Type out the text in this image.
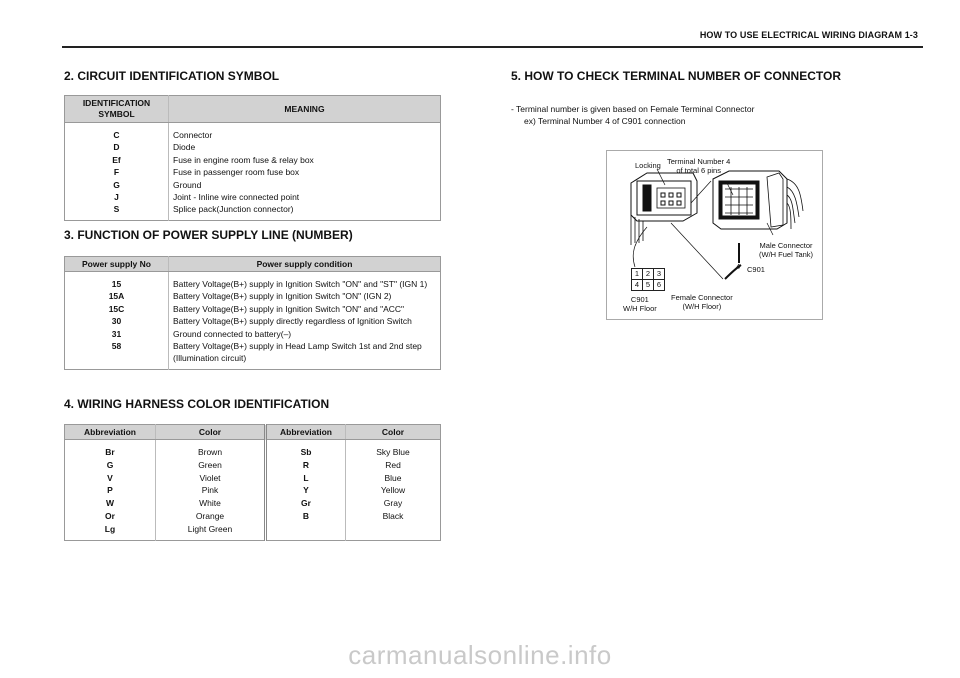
HOW TO USE ELECTRICAL WIRING DIAGRAM 1-3
2. CIRCUIT IDENTIFICATION SYMBOL
IDENTIFICATION SYMBOL	MEANING
C	Connector
D	Diode
Ef	Fuse in engine room fuse & relay box
F	Fuse in passenger room fuse box
G	Ground
J	Joint - Inline wire connected point
S	Splice pack(Junction connector)
3. FUNCTION OF POWER SUPPLY LINE (NUMBER)
Power supply No	Power supply condition
15	Battery Voltage(B+) supply in Ignition Switch "ON" and "ST" (IGN 1)
15A	Battery Voltage(B+) supply in Ignition Switch "ON" (IGN 2)
15C	Battery Voltage(B+) supply in Ignition Switch "ON" and "ACC"
30	Battery Voltage(B+) supply directly regardless of Ignition Switch
31	Ground connected to battery(–)
58	Battery Voltage(B+) supply in Head Lamp Switch 1st and 2nd step
	(Illumination circuit)
4. WIRING HARNESS COLOR IDENTIFICATION
Abbreviation	Color	Abbreviation	Color
Br	Brown	Sb	Sky Blue
G	Green	R	Red
V	Violet	L	Blue
P	Pink	Y	Yellow
W	White	Gr	Gray
Or	Orange	B	Black
Lg	Light Green		
5. HOW TO CHECK TERMINAL NUMBER OF CONNECTOR
- Terminal number is given based on Female Terminal Connector
ex) Terminal Number 4 of C901 connection
Locking Terminal Number 4
of total 6 pins
Male Connector
(W/H Fuel Tank)
4 C901
1 2 3
4 5 6
C901
W/H Floor
Female Connector
(W/H Floor)
carmanualsonline.info
